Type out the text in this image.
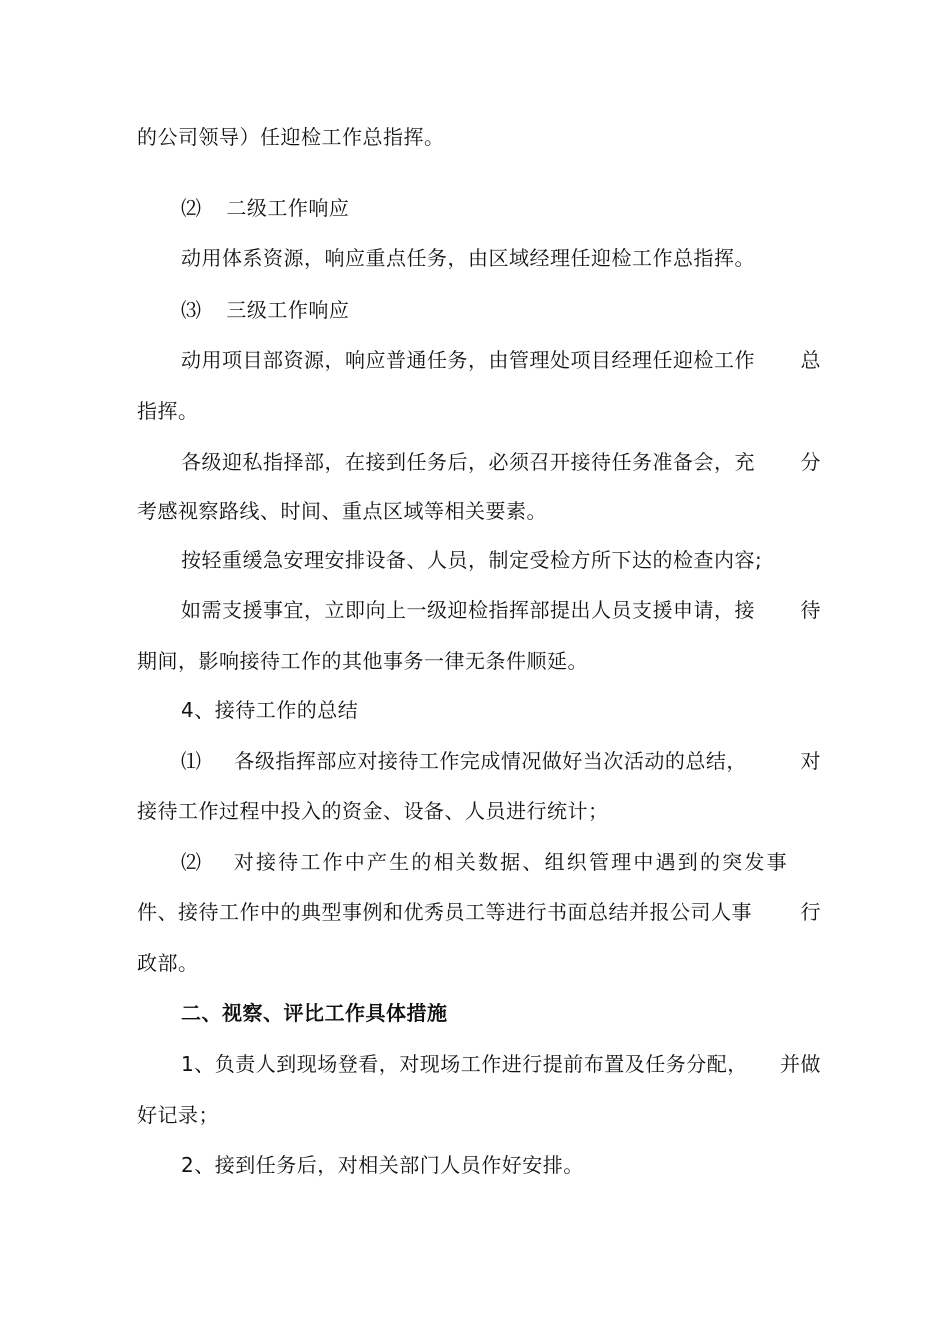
的公司领导）任迎检工作总指挥。
⑵ 二级工作响应
动用体系资源，响应重点任务，由区域经理任迎检工作总指挥。
⑶ 三级工作响应
动用项目部资源，响应普通任务，由管理处项目经理任迎检工作 总
指挥。
各级迎私指择部，在接到任务后，必须召开接待任务准备会，充 分
考感视察路线、时间、重点区域等相关要素。
按轻重缓急安理安排设备、人员，制定受检方所下达的检查内容;
如需支援事宜，立即向上一级迎检指挥部提出人员支援申请，接 待
期间，影响接待工作的其他事务一律无条件顺延。
4、接待工作的总结
⑴ 各级指挥部应对接待工作完成情况做好当次活动的总结，	对
接待工作过程中投入的资金、设备、人员进行统计；
⑵ 对接待工作中产生的相关数据、组织管理中遇到的突发事
件、接待工作中的典型事例和优秀员工等进行书面总结并报公司人事 行
政部。
二、视察、评比工作具体措施
1、负责人到现场登看，对现场工作进行提前布置及任务分配， 并做
好记录；
2、接到任务后，对相关部门人员作好安排。
